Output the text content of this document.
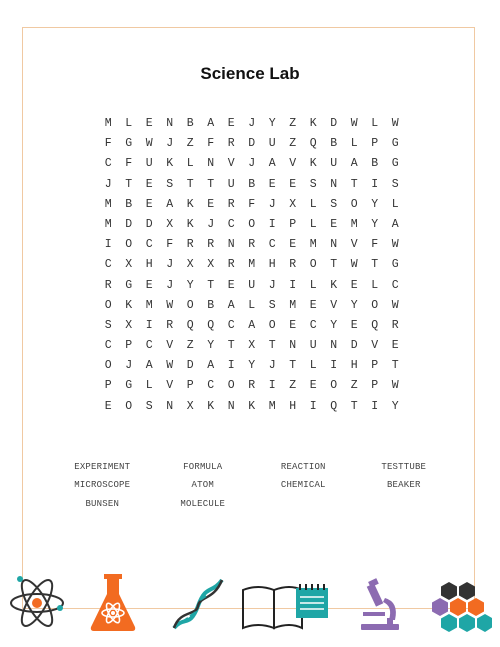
Science Lab
M	L	E	N	B	A	E	J	Y	Z	K	D	W	L	W
F	G	W	J	Z	F	R	D	U	Z	Q	B	L	P	G
C	F	U	K	L	N	V	J	A	V	K	U	A	B	G
J	T	E	S	T	T	U	B	E	E	S	N	T	I	S
M	B	E	A	K	E	R	F	J	X	L	S	O	Y	L
M	D	D	X	K	J	C	O	I	P	L	E	M	Y	A
I	O	C	F	R	R	N	R	C	E	M	N	V	F	W
C	X	H	J	X	X	R	M	H	R	O	T	W	T	G
R	G	E	J	Y	T	E	U	J	I	L	K	E	L	C
O	K	M	W	O	B	A	L	S	M	E	V	Y	O	W
S	X	I	R	Q	Q	C	A	O	E	C	Y	E	Q	R
C	P	C	V	Z	Y	T	X	T	N	U	N	D	V	E
O	J	A	W	D	A	I	Y	J	T	L	I	H	P	T
P	G	L	V	P	C	O	R	I	Z	E	O	Z	P	W
E	O	S	N	X	K	N	K	M	H	I	Q	T	I	Y
EXPERIMENT	FORMULA	REACTION	TESTTUBE
MICROSCOPE	ATOM	CHEMICAL	BEAKER
BUNSEN	MOLECULE
